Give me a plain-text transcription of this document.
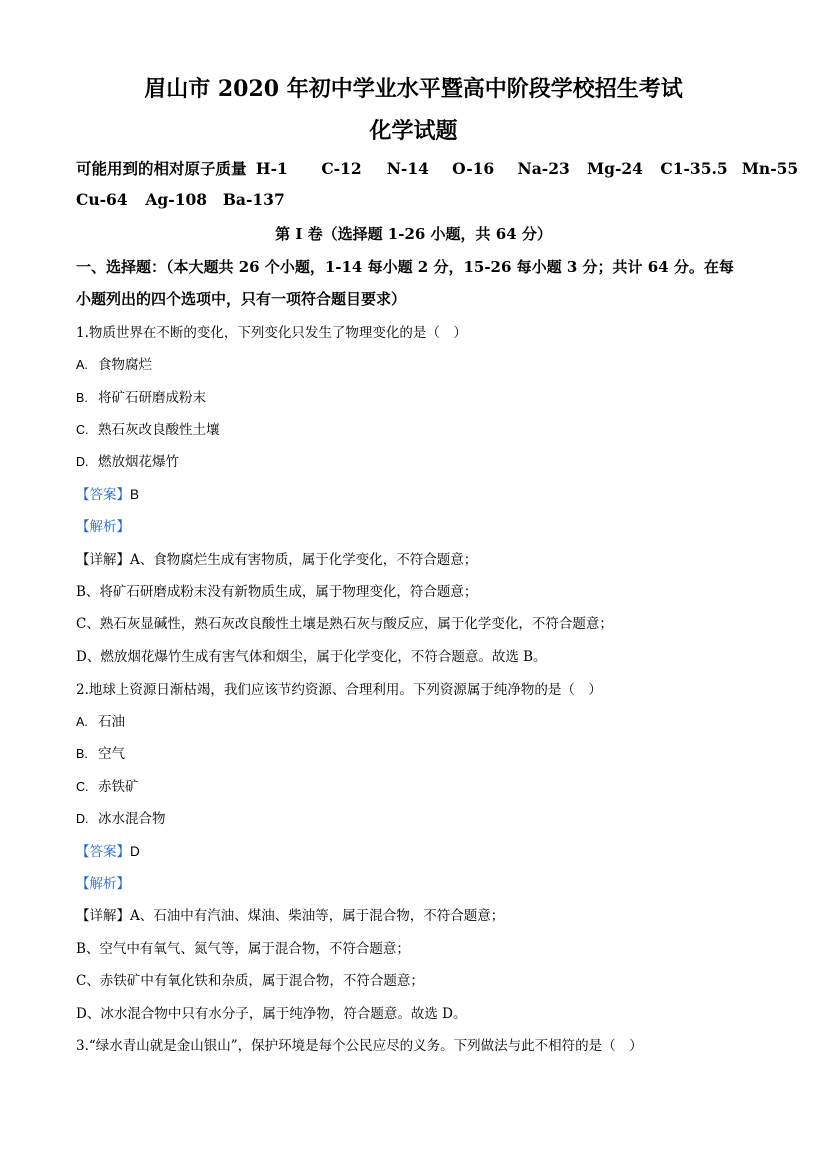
眉山市 2020 年初中学业水平暨高中阶段学校招生考试
化学试题
可能用到的相对原子质量 H-1 C-12 N-14 O-16 Na-23 Mg-24 C1-35.5 Mn-55
Cu-64 Ag-108 Ba-137
第 I 卷（选择题 1-26 小题，共 64 分）
一、选择题：（本大题共 26 个小题，1-14 每小题 2 分，15-26 每小题 3 分；共计 64 分。在每
小题列出的四个选项中，只有一项符合题目要求）
1.物质世界在不断的变化，下列变化只发生了物理变化的是（　）
A. 食物腐烂
B. 将矿石研磨成粉末
C. 熟石灰改良酸性土壤
D. 燃放烟花爆竹
【答案】B
【解析】
【详解】A、食物腐烂生成有害物质，属于化学变化，不符合题意；
B、将矿石研磨成粉末没有新物质生成，属于物理变化，符合题意；
C、熟石灰显碱性，熟石灰改良酸性土壤是熟石灰与酸反应，属于化学变化，不符合题意；
D、燃放烟花爆竹生成有害气体和烟尘，属于化学变化，不符合题意。故选 B。
2.地球上资源日渐枯竭，我们应该节约资源、合理利用。下列资源属于纯净物的是（　）
A. 石油
B. 空气
C. 赤铁矿
D. 冰水混合物
【答案】D
【解析】
【详解】A、石油中有汽油、煤油、柴油等，属于混合物，不符合题意；
B、空气中有氧气、氮气等，属于混合物，不符合题意；
C、赤铁矿中有氧化铁和杂质，属于混合物，不符合题意；
D、冰水混合物中只有水分子，属于纯净物，符合题意。故选 D。
3.“绿水青山就是金山银山”，保护环境是每个公民应尽的义务。下列做法与此不相符的是（　）
